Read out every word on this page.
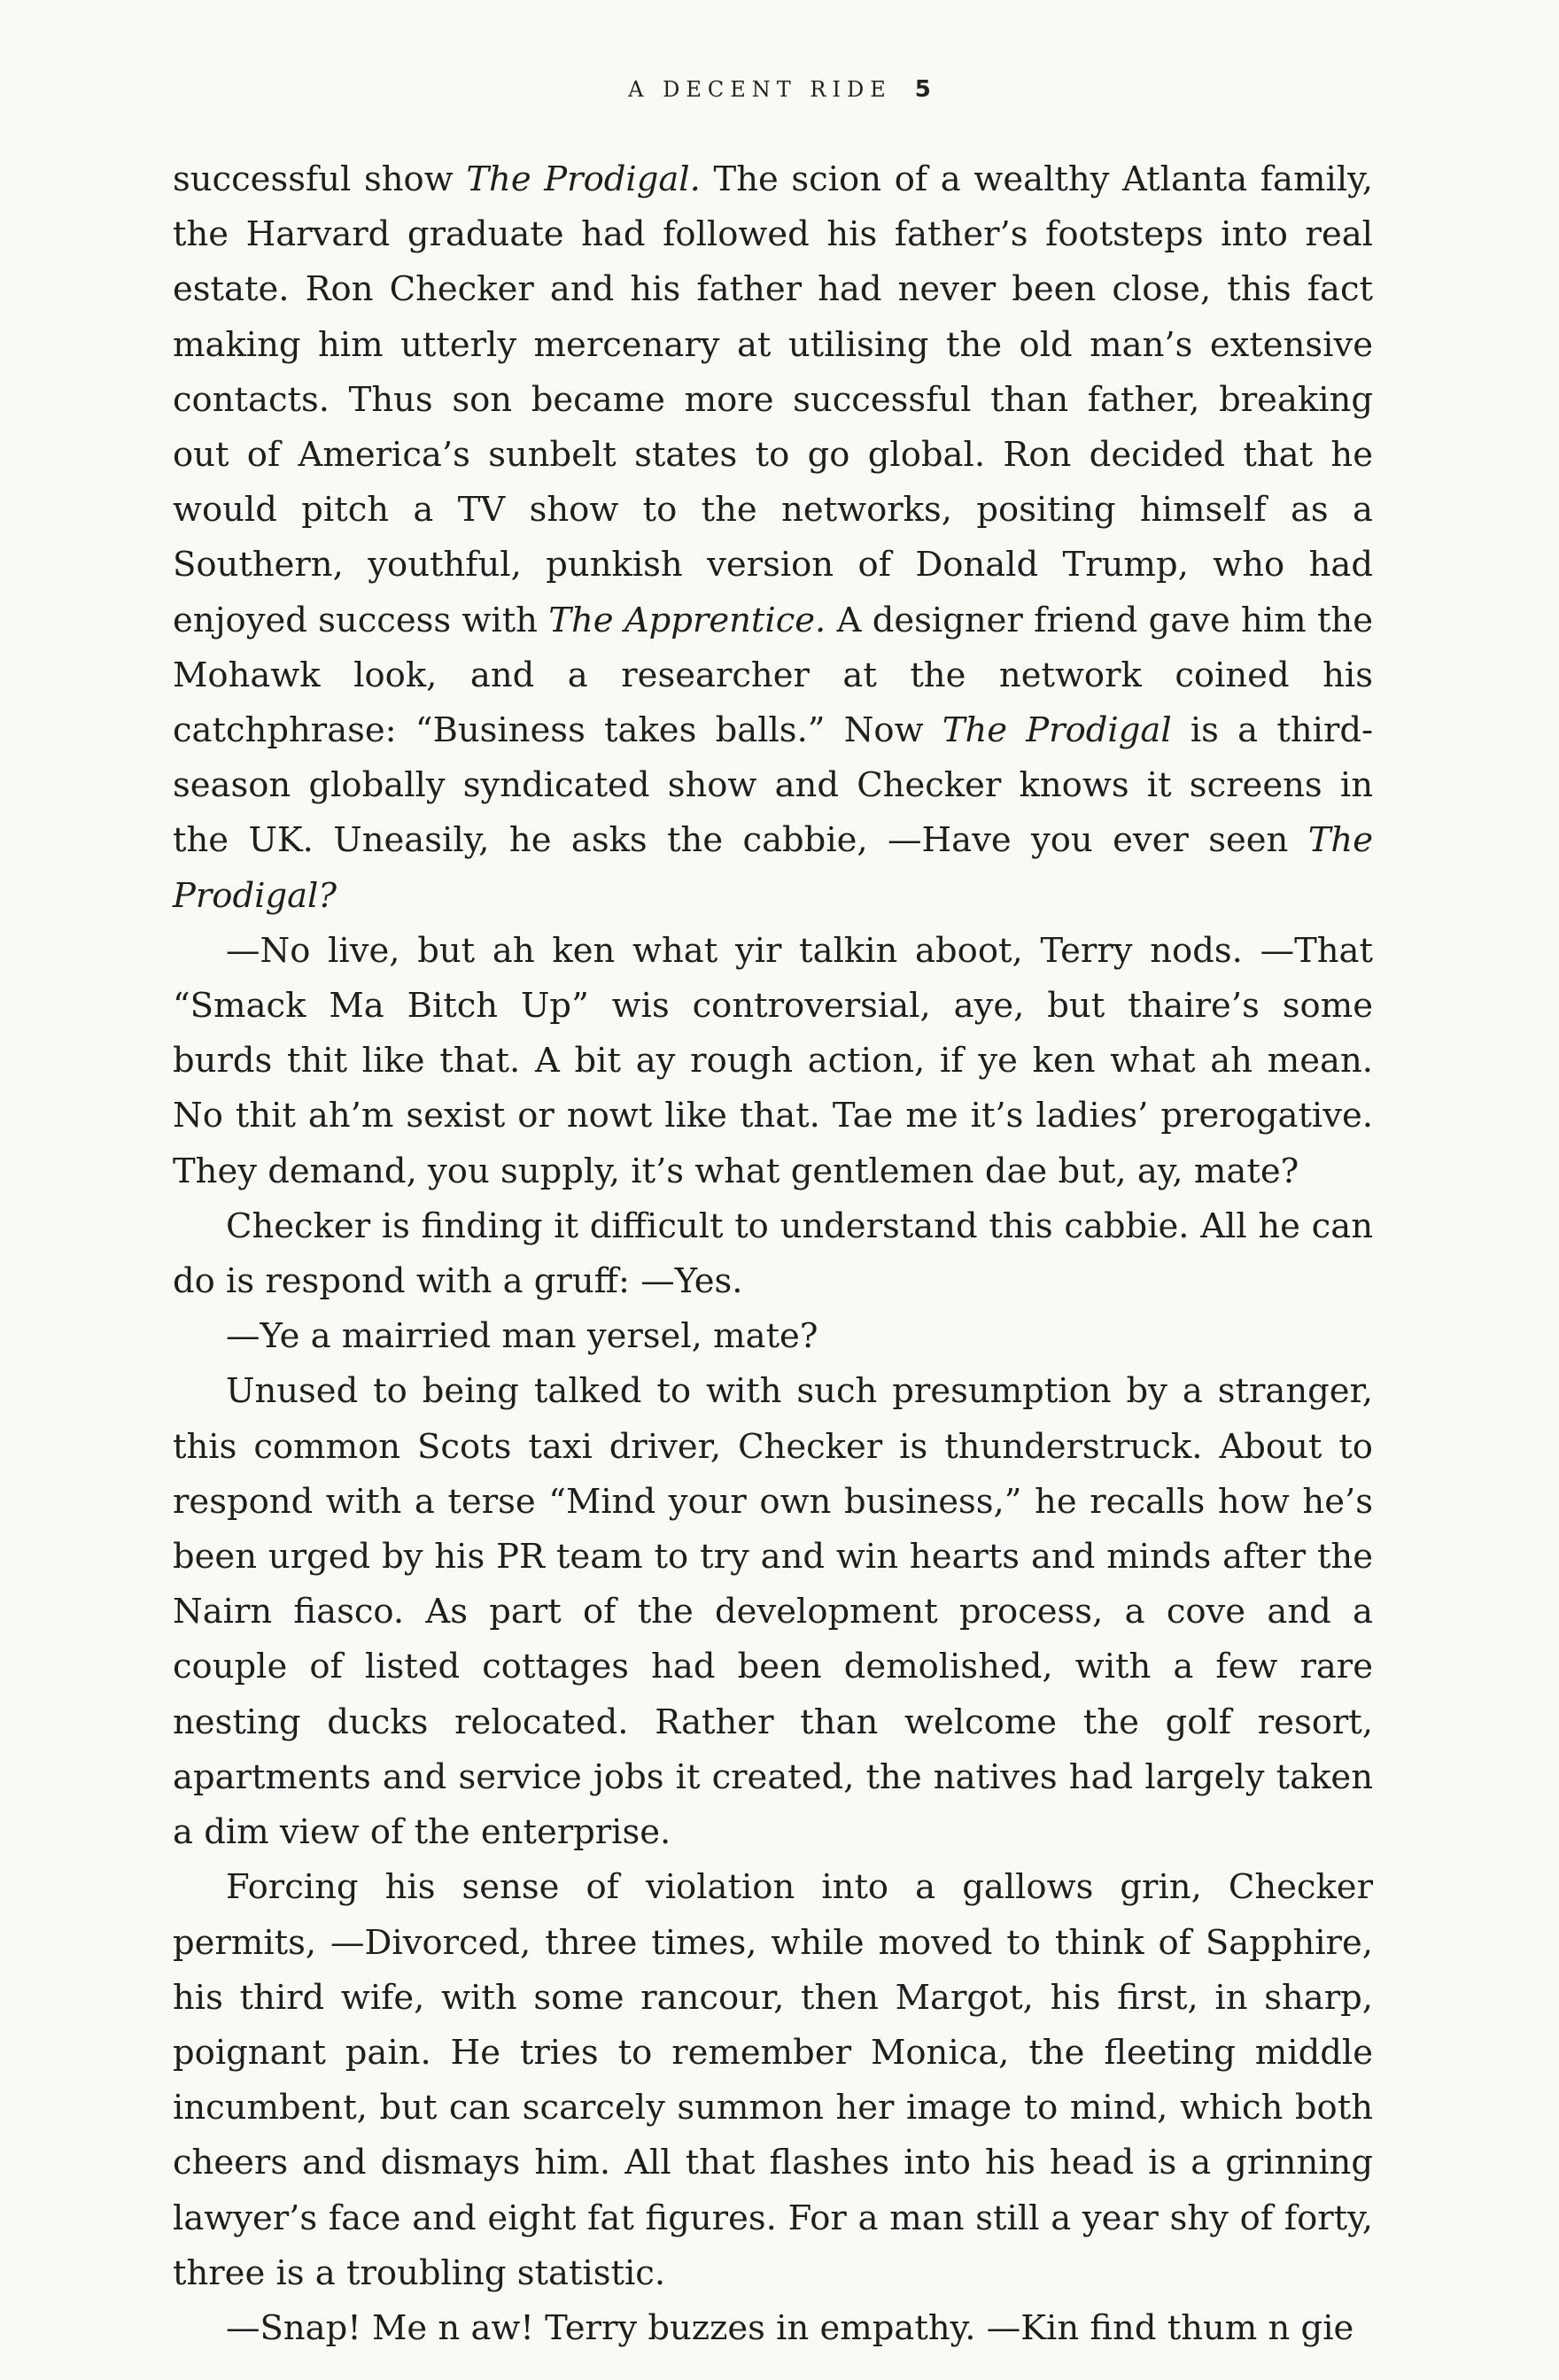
A DECENT RIDE 5

successful show The Prodigal. The scion of a wealthy Atlanta family, the Harvard graduate had followed his father’s footsteps into real estate. Ron Checker and his father had never been close, this fact making him utterly mercenary at utilising the old man’s extensive contacts. Thus son became more successful than father, breaking out of America’s sunbelt states to go global. Ron decided that he would pitch a TV show to the networks, positing himself as a Southern, youthful, punkish version of Donald Trump, who had enjoyed success with The Apprentice. A designer friend gave him the Mohawk look, and a researcher at the network coined his catchphrase: “Business takes balls.” Now The Prodigal is a third-season globally syndicated show and Checker knows it screens in the UK. Uneasily, he asks the cabbie, —Have you ever seen The Prodigal?

—No live, but ah ken what yir talkin aboot, Terry nods. —That “Smack Ma Bitch Up” wis controversial, aye, but thaire’s some burds thit like that. A bit ay rough action, if ye ken what ah mean. No thit ah’m sexist or nowt like that. Tae me it’s ladies’ prerogative. They demand, you supply, it’s what gentlemen dae but, ay, mate?

Checker is finding it difficult to understand this cabbie. All he can do is respond with a gruff: —Yes.

—Ye a mairried man yersel, mate?

Unused to being talked to with such presumption by a stranger, this common Scots taxi driver, Checker is thunderstruck. About to respond with a terse “Mind your own business,” he recalls how he’s been urged by his PR team to try and win hearts and minds after the Nairn fiasco. As part of the development process, a cove and a couple of listed cottages had been demolished, with a few rare nesting ducks relocated. Rather than welcome the golf resort, apartments and service jobs it created, the natives had largely taken a dim view of the enterprise.

Forcing his sense of violation into a gallows grin, Checker permits, —Divorced, three times, while moved to think of Sapphire, his third wife, with some rancour, then Margot, his first, in sharp, poignant pain. He tries to remember Monica, the fleeting middle incumbent, but can scarcely summon her image to mind, which both cheers and dismays him. All that flashes into his head is a grinning lawyer’s face and eight fat figures. For a man still a year shy of forty, three is a troubling statistic.

—Snap! Me n aw! Terry buzzes in empathy. —Kin find thum n gie
